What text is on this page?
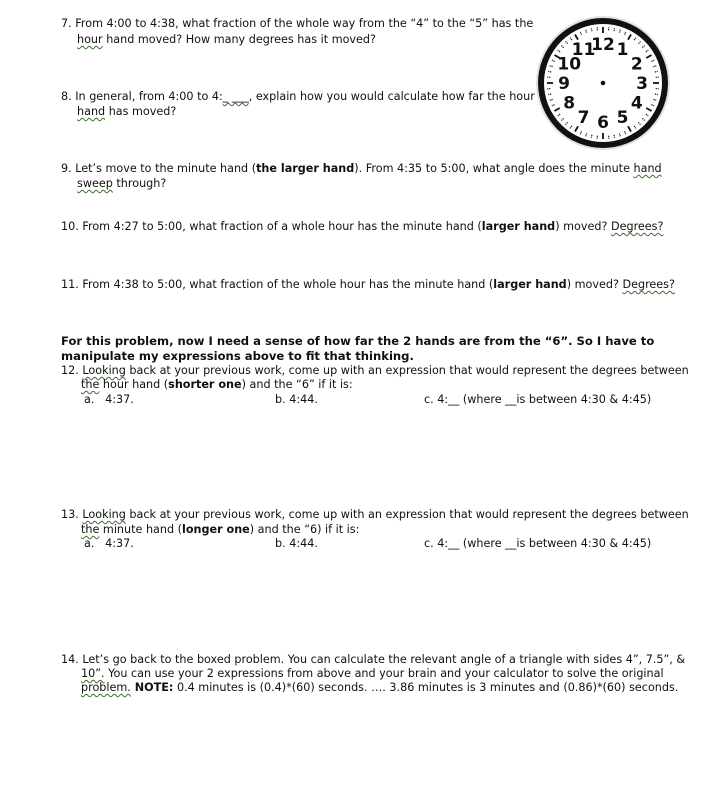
7. From 4:00 to 4:38, what fraction of the whole way from the “4” to the “5” has the
hour hand moved? How many degrees has it moved?
8. In general, from 4:00 to 4:_ ___, explain how you would calculate how far the hour
hand has moved?
9. Let’s move to the minute hand (the larger hand). From 4:35 to 5:00, what angle does the minute hand
sweep through?
10. From 4:27 to 5:00, what fraction of a whole hour has the minute hand (larger hand) moved? Degrees?
11. From 4:38 to 5:00, what fraction of the whole hour has the minute hand (larger hand) moved? Degrees?
For this problem, now I need a sense of how far the 2 hands are from the “6”. So I have to
manipulate my expressions above to fit that thinking.
12. Looking back at your previous work, come up with an expression that would represent the degrees between
the hour hand (shorter one) and the “6” if it is:
a. 4:37.	b. 4:44.	c. 4:__ (where __is between 4:30 & 4:45)
13. Looking back at your previous work, come up with an expression that would represent the degrees between
the minute hand (longer one) and the “6) if it is:
a. 4:37.	b. 4:44.	c. 4:__ (where __is between 4:30 & 4:45)
14. Let’s go back to the boxed problem. You can calculate the relevant angle of a triangle with sides 4”, 7.5”, &
10”. You can use your 2 expressions from above and your brain and your calculator to solve the original
problem. NOTE: 0.4 minutes is (0.4)*(60) seconds. …. 3.86 minutes is 3 minutes and (0.86)*(60) seconds.
12 1
2
3
4
5
6
7
8
9
10
11
